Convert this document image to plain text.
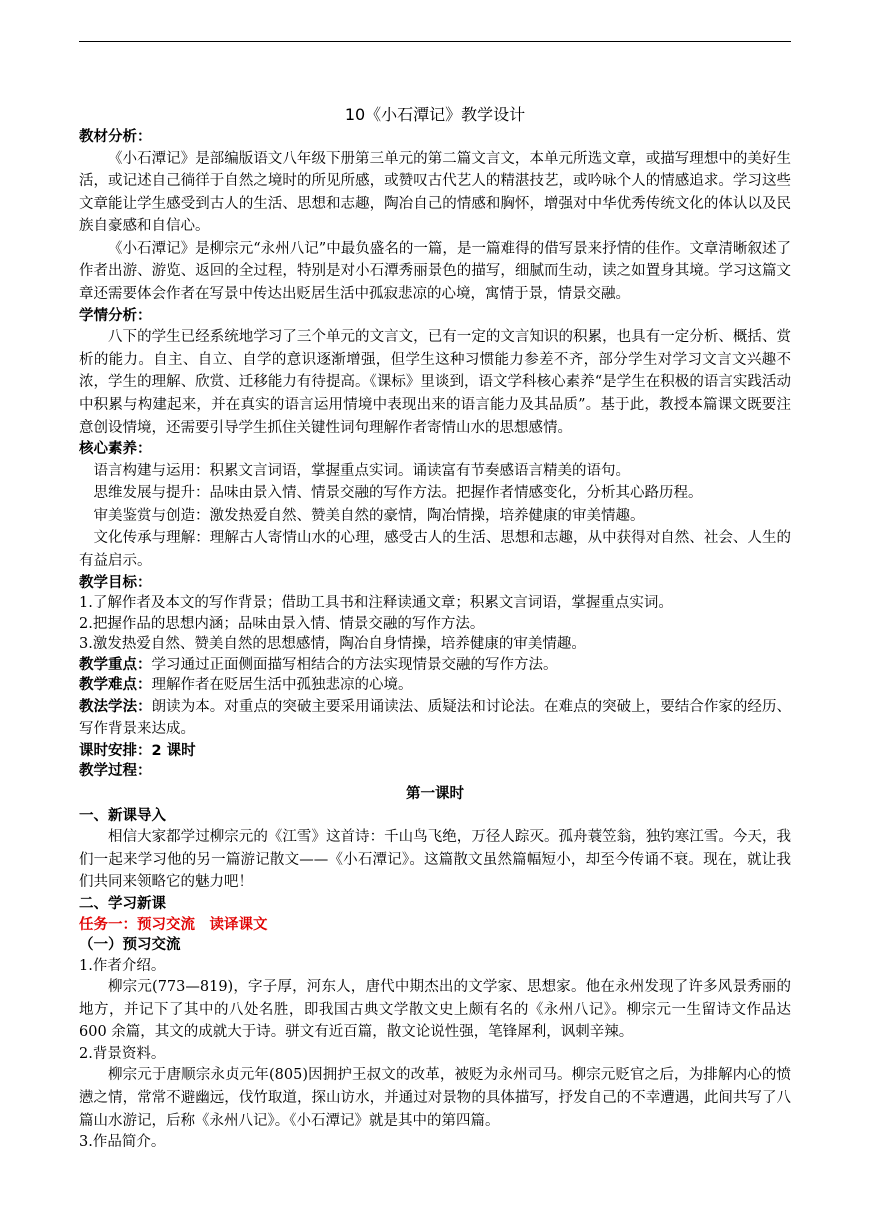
10《小石潭记》教学设计

教材分析：

《小石潭记》是部编版语文八年级下册第三单元的第二篇文言文，本单元所选文章，或描写理想中的美好生活，或记述自己徜徉于自然之境时的所见所感，或赞叹古代艺人的精湛技艺，或吟咏个人的情感追求。学习这些文章能让学生感受到古人的生活、思想和志趣，陶冶自己的情感和胸怀，增强对中华优秀传统文化的体认以及民族自豪感和自信心。

《小石潭记》是柳宗元“永州八记”中最负盛名的一篇，是一篇难得的借写景来抒情的佳作。文章清晰叙述了作者出游、游览、返回的全过程，特别是对小石潭秀丽景色的描写，细腻而生动，读之如置身其境。学习这篇文章还需要体会作者在写景中传达出贬居生活中孤寂悲凉的心境，寓情于景，情景交融。

学情分析：

八下的学生已经系统地学习了三个单元的文言文，已有一定的文言知识的积累，也具有一定分析、概括、赏析的能力。自主、自立、自学的意识逐渐增强，但学生这种习惯能力参差不齐，部分学生对学习文言文兴趣不浓，学生的理解、欣赏、迁移能力有待提高。《课标》里谈到，语文学科核心素养“是学生在积极的语言实践活动中积累与构建起来，并在真实的语言运用情境中表现出来的语言能力及其品质”。基于此，教授本篇课文既要注意创设情境，还需要引导学生抓住关键性词句理解作者寄情山水的思想感情。

核心素养：

语言构建与运用：积累文言词语，掌握重点实词。诵读富有节奏感语言精美的语句。

思维发展与提升：品味由景入情、情景交融的写作方法。把握作者情感变化，分析其心路历程。

审美鉴赏与创造：激发热爱自然、赞美自然的豪情，陶冶情操，培养健康的审美情趣。

文化传承与理解：理解古人寄情山水的心理，感受古人的生活、思想和志趣，从中获得对自然、社会、人生的有益启示。

教学目标：

1.了解作者及本文的写作背景；借助工具书和注释读通文章；积累文言词语，掌握重点实词。

2.把握作品的思想内涵；品味由景入情、情景交融的写作方法。

3.激发热爱自然、赞美自然的思想感情，陶冶自身情操，培养健康的审美情趣。

教学重点：学习通过正面侧面描写相结合的方法实现情景交融的写作方法。

教学难点：理解作者在贬居生活中孤独悲凉的心境。

教法学法：朗读为本。对重点的突破主要采用诵读法、质疑法和讨论法。在难点的突破上，要结合作家的经历、写作背景来达成。

课时安排：2 课时

教学过程：

第一课时

一、新课导入

相信大家都学过柳宗元的《江雪》这首诗：千山鸟飞绝，万径人踪灭。孤舟蓑笠翁，独钓寒江雪。今天，我们一起来学习他的另一篇游记散文——《小石潭记》。这篇散文虽然篇幅短小，却至今传诵不衰。现在，就让我们共同来领略它的魅力吧！

二、学习新课

任务一：预习交流　读译课文

（一）预习交流

1.作者介绍。

柳宗元(773—819)，字子厚，河东人，唐代中期杰出的文学家、思想家。他在永州发现了许多风景秀丽的地方，并记下了其中的八处名胜，即我国古典文学散文史上颇有名的《永州八记》。柳宗元一生留诗文作品达 600 余篇，其文的成就大于诗。骈文有近百篇，散文论说性强，笔锋犀利，讽刺辛辣。

2.背景资料。

柳宗元于唐顺宗永贞元年(805)因拥护王叔文的改革，被贬为永州司马。柳宗元贬官之后，为排解内心的愤懑之情，常常不避幽远，伐竹取道，探山访水，并通过对景物的具体描写，抒发自己的不幸遭遇，此间共写了八篇山水游记，后称《永州八记》。《小石潭记》就是其中的第四篇。

3.作品简介。
